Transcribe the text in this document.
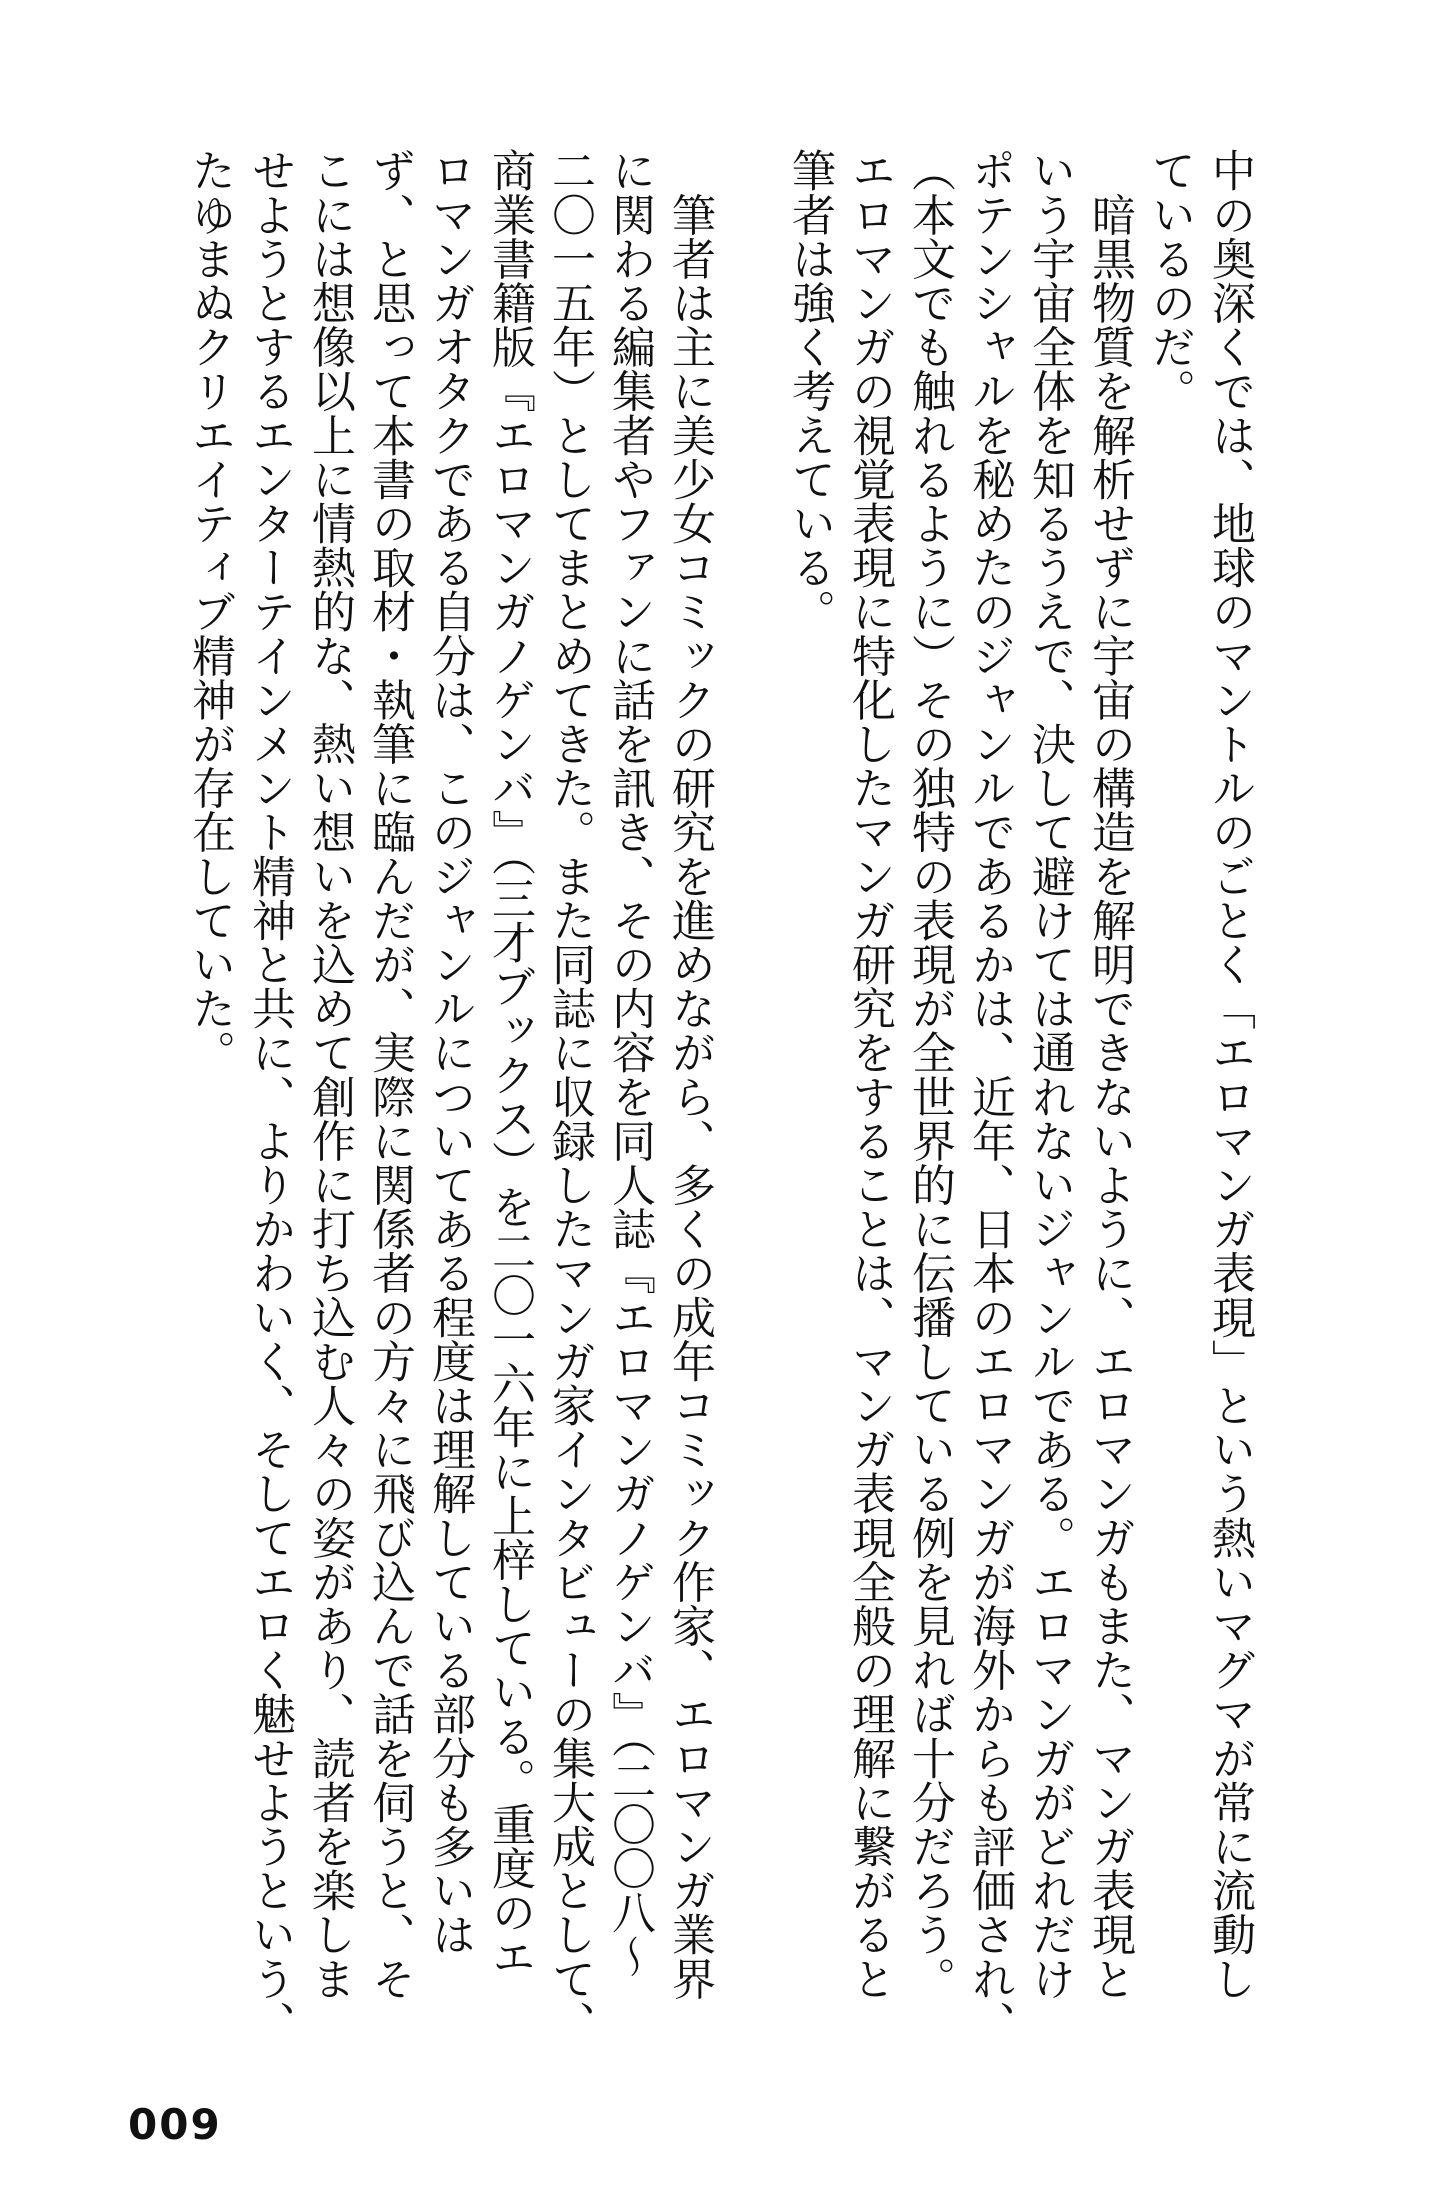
中の奥深くでは、地球のマントルのごとく「エロマンガ表現」という熱いマグマが常に流動し
ているのだ。
　暗黒物質を解析せずに宇宙の構造を解明できないように、エロマンガもまた、マンガ表現と
いう宇宙全体を知るうえで、決して避けては通れないジャンルである。エロマンガがどれだけ
ポテンシャルを秘めたのジャンルであるかは、近年、日本のエロマンガが海外からも評価され、
（本文でも触れるように）その独特の表現が全世界的に伝播している例を見れば十分だろう。
エロマンガの視覚表現に特化したマンガ研究をすることは、マンガ表現全般の理解に繋がると
筆者は強く考えている。
　筆者は主に美少女コミックの研究を進めながら、多くの成年コミック作家、エロマンガ業界
に関わる編集者やファンに話を訊き、その内容を同人誌『エロマンガノゲンバ』（二〇〇八～
二〇一五年）としてまとめてきた。また同誌に収録したマンガ家インタビューの集大成として、
商業書籍版『エロマンガノゲンバ』（三才ブックス）を二〇一六年に上梓している。重度のエ
ロマンガオタクである自分は、このジャンルについてある程度は理解している部分も多いは
ず、と思って本書の取材・執筆に臨んだが、実際に関係者の方々に飛び込んで話を伺うと、そ
こには想像以上に情熱的な、熱い想いを込めて創作に打ち込む人々の姿があり、読者を楽しま
せようとするエンターテインメント精神と共に、よりかわいく、そしてエロく魅せようという、
たゆまぬクリエイティブ精神が存在していた。
009
